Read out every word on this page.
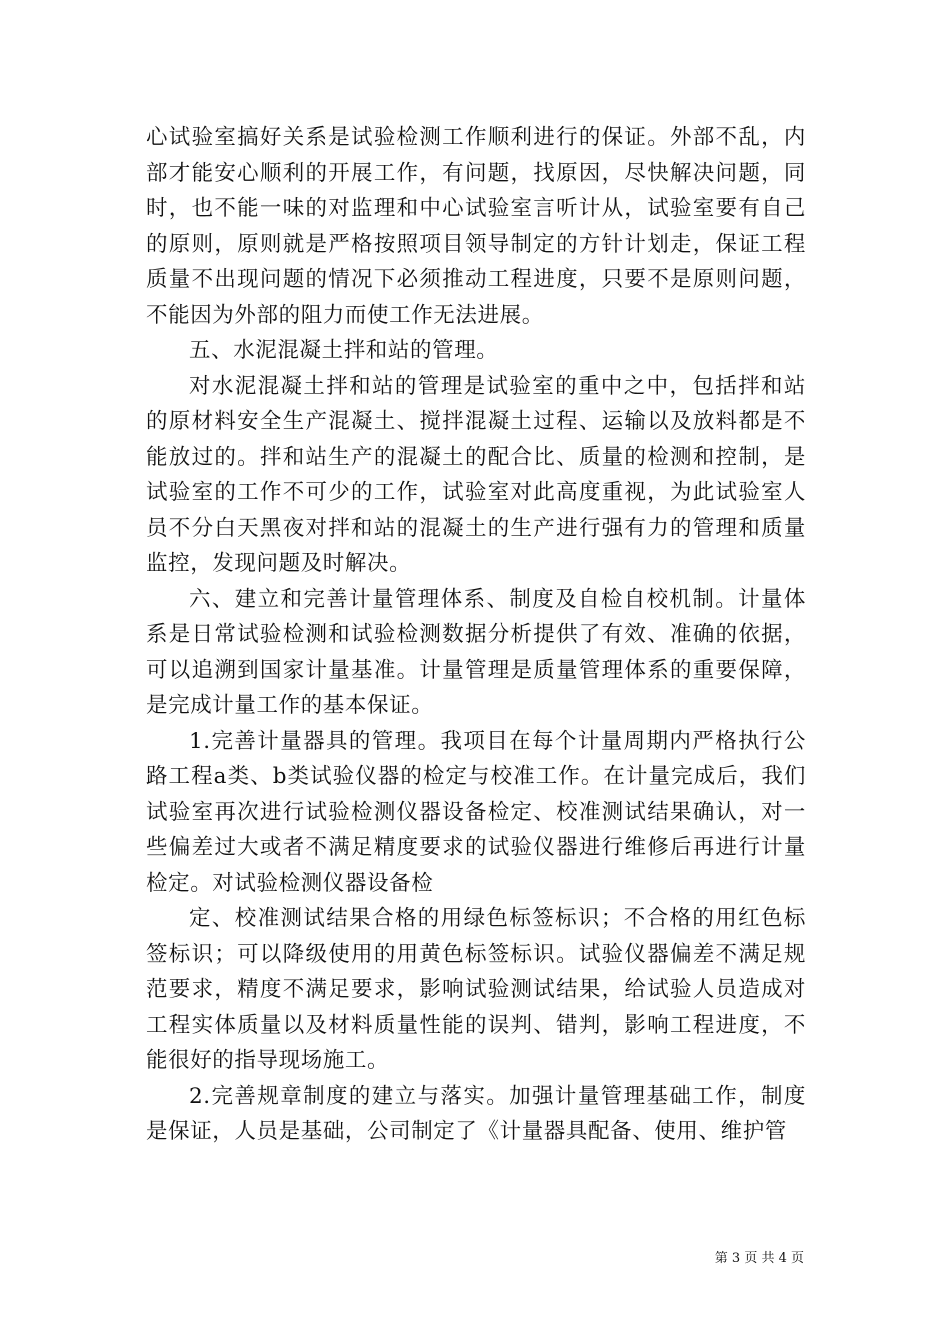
心试验室搞好关系是试验检测工作顺利进行的保证。外部不乱，内部才能安心顺利的开展工作，有问题，找原因，尽快解决问题，同时，也不能一味的对监理和中心试验室言听计从，试验室要有自己的原则，原则就是严格按照项目领导制定的方针计划走，保证工程质量不出现问题的情况下必须推动工程进度，只要不是原则问题，不能因为外部的阻力而使工作无法进展。

五、水泥混凝土拌和站的管理。

对水泥混凝土拌和站的管理是试验室的重中之中，包括拌和站的原材料安全生产混凝土、搅拌混凝土过程、运输以及放料都是不能放过的。拌和站生产的混凝土的配合比、质量的检测和控制，是试验室的工作不可少的工作，试验室对此高度重视，为此试验室人员不分白天黑夜对拌和站的混凝土的生产进行强有力的管理和质量监控，发现问题及时解决。

六、建立和完善计量管理体系、制度及自检自校机制。计量体系是日常试验检测和试验检测数据分析提供了有效、准确的依据，可以追溯到国家计量基准。计量管理是质量管理体系的重要保障，是完成计量工作的基本保证。

1.完善计量器具的管理。我项目在每个计量周期内严格执行公路工程a类、b类试验仪器的检定与校准工作。在计量完成后，我们试验室再次进行试验检测仪器设备检定、校准测试结果确认，对一些偏差过大或者不满足精度要求的试验仪器进行维修后再进行计量检定。对试验检测仪器设备检

定、校准测试结果合格的用绿色标签标识；不合格的用红色标签标识；可以降级使用的用黄色标签标识。试验仪器偏差不满足规范要求，精度不满足要求，影响试验测试结果，给试验人员造成对工程实体质量以及材料质量性能的误判、错判，影响工程进度，不能很好的指导现场施工。

2.完善规章制度的建立与落实。加强计量管理基础工作，制度是保证，人员是基础，公司制定了《计量器具配备、使用、维护管

第 3 页 共 4 页
